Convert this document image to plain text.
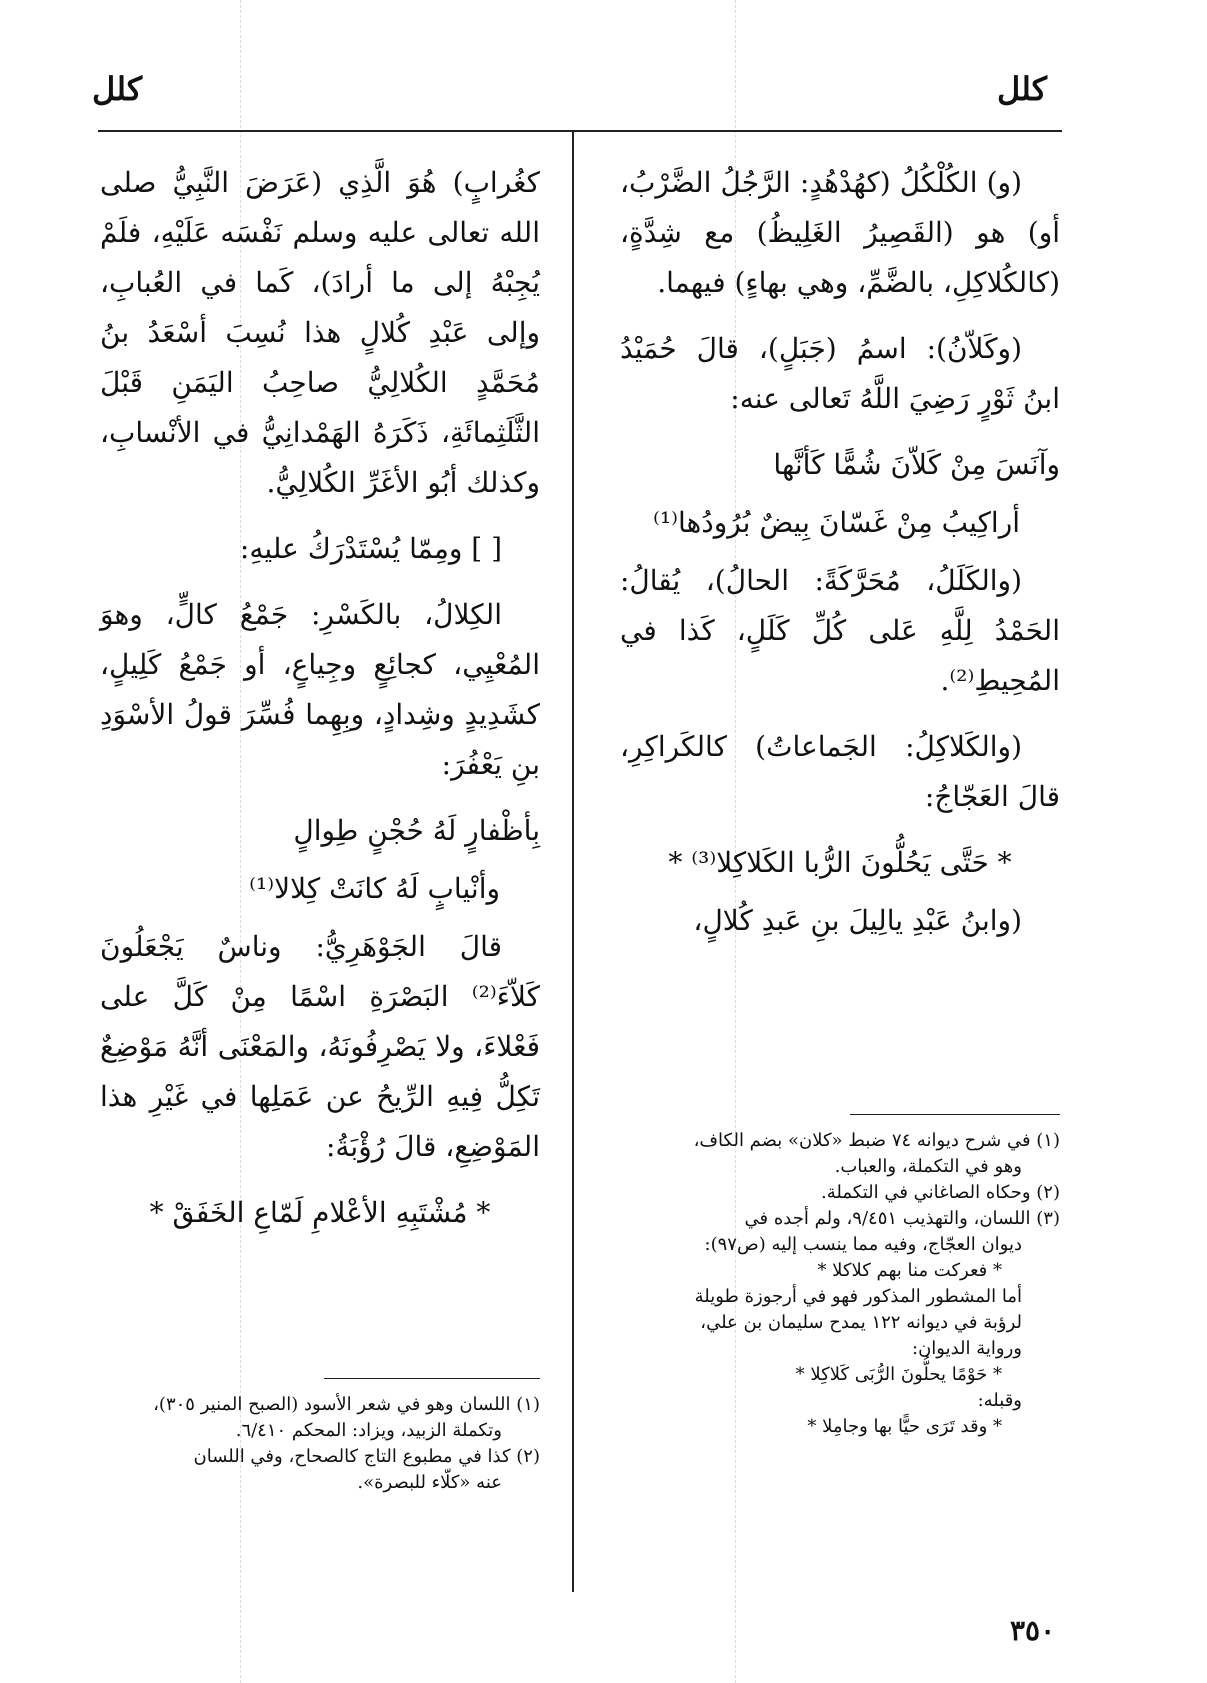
كلل
كلل

(و) الكُلْكُلُ (كهُدْهُدٍ: الرَّجُلُ الضَّرْبُ، أو) هو (القَصِيرُ الغَلِيظُ) مع شِدَّةٍ، (كالكُلاكِلِ، بالضَّمِّ، وهي بهاءٍ) فيهما.

(وكَلاّنُ): اسمُ (جَبَلٍ)، قالَ حُمَيْدُ ابنُ ثَوْرٍ رَضِيَ اللَّهُ تَعالى عنه:

وآنَسَ مِنْ كَلاّنَ شُمًّا كَأنَّها
أراكِيبُ مِنْ غَسّانَ بِيضٌ بُرُودُها⁽¹⁾

(والكَلَلُ، مُحَرَّكَةً: الحالُ)، يُقالُ: الحَمْدُ لِلَّهِ عَلى كُلِّ كَلَلٍ، كَذا في المُحِيطِ⁽²⁾.

(والكَلاكِلُ: الجَماعاتُ) كالكَراكِرِ، قالَ العَجّاجُ:

* حَتَّى يَحُلُّونَ الرُّبا الكَلاكِلا⁽³⁾ *

(وابنُ عَبْدِ يالِيلَ بنِ عَبدِ كُلالٍ،

(١) في شرح ديوانه ٧٤ ضبط «كلان» بضم الكاف،
وهو في التكملة، والعباب.
(٢) وحكاه الصاغاني في التكملة.
(٣) اللسان، والتهذيب ٩/٤٥١، ولم أجده في
ديوان العجّاج، وفيه مما ينسب إليه (ص٩٧):
* فعركت منا بهم كلاكلا *
أما المشطور المذكور فهو في أرجوزة طويلة
لرؤبة في ديوانه ١٢٢ يمدح سليمان بن علي،
ورواية الديوان:
* حَوْمًا يحلُّونَ الرُّبَى كَلاكِلا *
وقبله:
* وقد تَرَى حيًّا بها وجامِلا *

كغُرابٍ) هُوَ الَّذِي (عَرَضَ النَّبِيُّ صلى الله تعالى عليه وسلم نَفْسَه عَلَيْهِ، فلَمْ يُجِبْهُ إلى ما أرادَ)، كَما في العُبابِ، وإلى عَبْدِ كُلالٍ هذا نُسِبَ أسْعَدُ بنُ مُحَمَّدٍ الكُلالِيُّ صاحِبُ اليَمَنِ قَبْلَ الثَّلَثِمائَةِ، ذَكَرَهُ الهَمْدانِيُّ في الأنْسابِ، وكذلك أبُو الأغَرِّ الكُلالِيُّ.

[ ] ومِمّا يُسْتَدْرَكُ عليهِ:

الكِلالُ، بالكَسْرِ: جَمْعُ كالٍّ، وهوَ المُعْيِي، كجائِعٍ وجِياعٍ، أو جَمْعُ كَلِيلٍ، كشَدِيدٍ وشِدادٍ، وبِهِما فُسِّرَ قولُ الأسْوَدِ بنِ يَعْفُرَ:

بِأظْفارٍ لَهُ حُجْنٍ طِوالٍ
وأنْيابٍ لَهُ كانَتْ كِلالا⁽¹⁾

قالَ الجَوْهَرِيُّ: وناسٌ يَجْعَلُونَ كَلاّءَ⁽²⁾ البَصْرَةِ اسْمًا مِنْ كَلَّ على فَعْلاءَ، ولا يَصْرِفُونَهُ، والمَعْنَى أنَّهُ مَوْضِعٌ تَكِلُّ فِيهِ الرِّيحُ عن عَمَلِها في غَيْرِ هذا المَوْضِعِ، قالَ رُؤْبَةُ:

* مُشْتَبِهِ الأعْلامِ لَمّاعِ الخَفَقْ *
(١) اللسان وهو في شعر الأسود (الصبح المنير ٣٠٥)،
وتكملة الزبيد، ويزاد: المحكم ٦/٤١٠.
(٢) كذا في مطبوع التاج كالصحاح، وفي اللسان
عنه «كلّاء للبصرة».
٣٥٠
